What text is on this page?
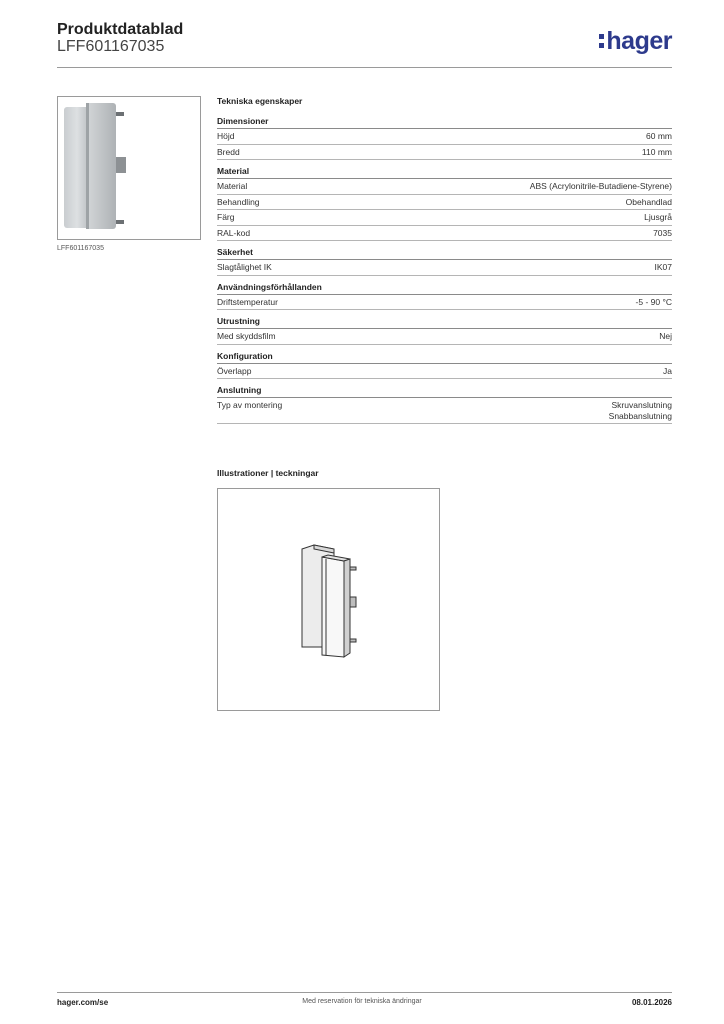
Produktdatablad
LFF601167035	hager
LFF601167035
Tekniska egenskaper
Dimensioner
Höjd	60 mm
Bredd	110 mm
Material
Material	ABS (Acrylonitrile-Butadiene-Styrene)
Behandling	Obehandlad
Färg	Ljusgrå
RAL-kod	7035
Säkerhet
Slagtålighet IK	IK07
Användningsförhållanden
Driftstemperatur	-5 - 90 °C
Utrustning
Med skyddsfilm	Nej
Konfiguration
Överlapp	Ja
Anslutning
Typ av montering	Skruvanslutning
Snabbanslutning
Illustrationer | teckningar
hager.com/se	Med reservation för tekniska ändringar	08.01.2026
